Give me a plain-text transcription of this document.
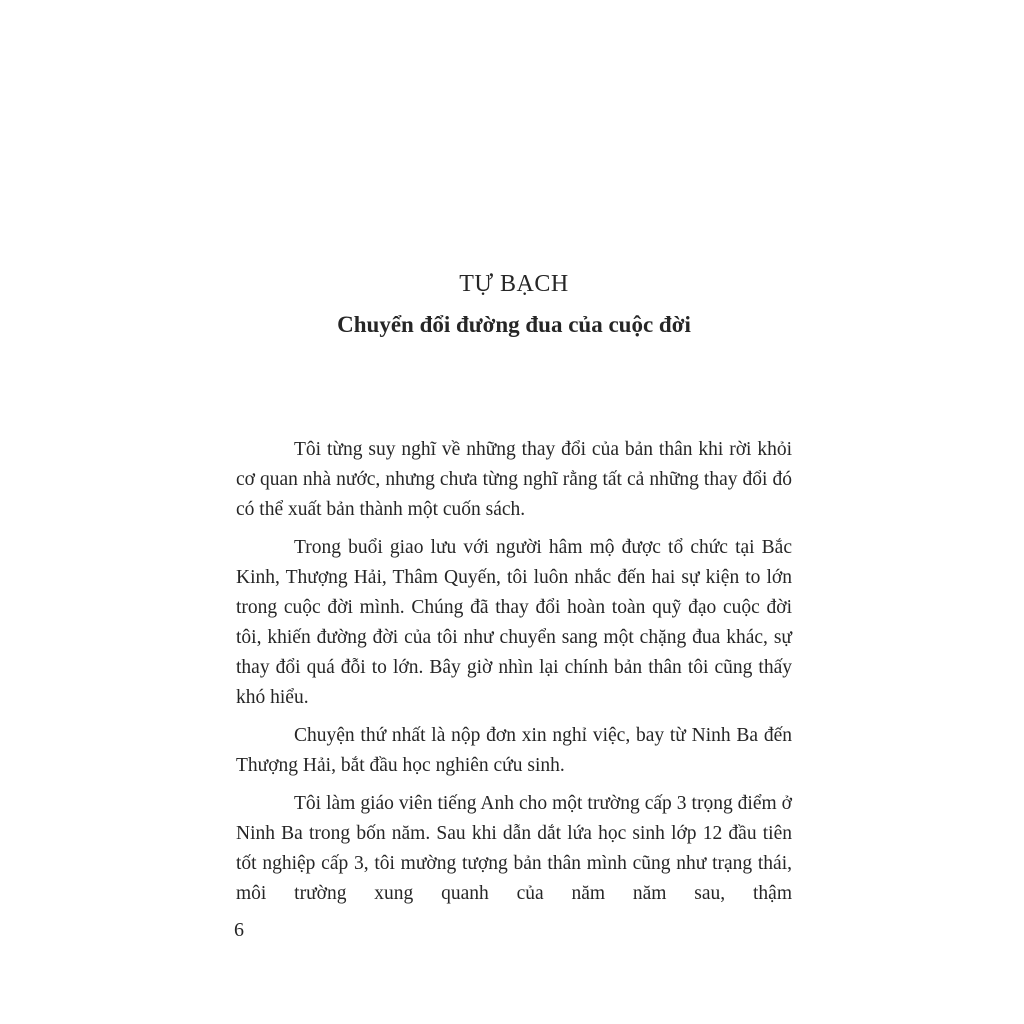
TỰ BẠCH
Chuyển đổi đường đua của cuộc đời

Tôi từng suy nghĩ về những thay đổi của bản thân khi rời khỏi cơ quan nhà nước, nhưng chưa từng nghĩ rằng tất cả những thay đổi đó có thể xuất bản thành một cuốn sách.

Trong buổi giao lưu với người hâm mộ được tổ chức tại Bắc Kinh, Thượng Hải, Thâm Quyến, tôi luôn nhắc đến hai sự kiện to lớn trong cuộc đời mình. Chúng đã thay đổi hoàn toàn quỹ đạo cuộc đời tôi, khiến đường đời của tôi như chuyển sang một chặng đua khác, sự thay đổi quá đỗi to lớn. Bây giờ nhìn lại chính bản thân tôi cũng thấy khó hiểu.

Chuyện thứ nhất là nộp đơn xin nghỉ việc, bay từ Ninh Ba đến Thượng Hải, bắt đầu học nghiên cứu sinh.

Tôi làm giáo viên tiếng Anh cho một trường cấp 3 trọng điểm ở Ninh Ba trong bốn năm. Sau khi dẫn dắt lứa học sinh lớp 12 đầu tiên tốt nghiệp cấp 3, tôi mường tượng bản thân mình cũng như trạng thái, môi trường xung quanh của năm năm sau, thậm

6
